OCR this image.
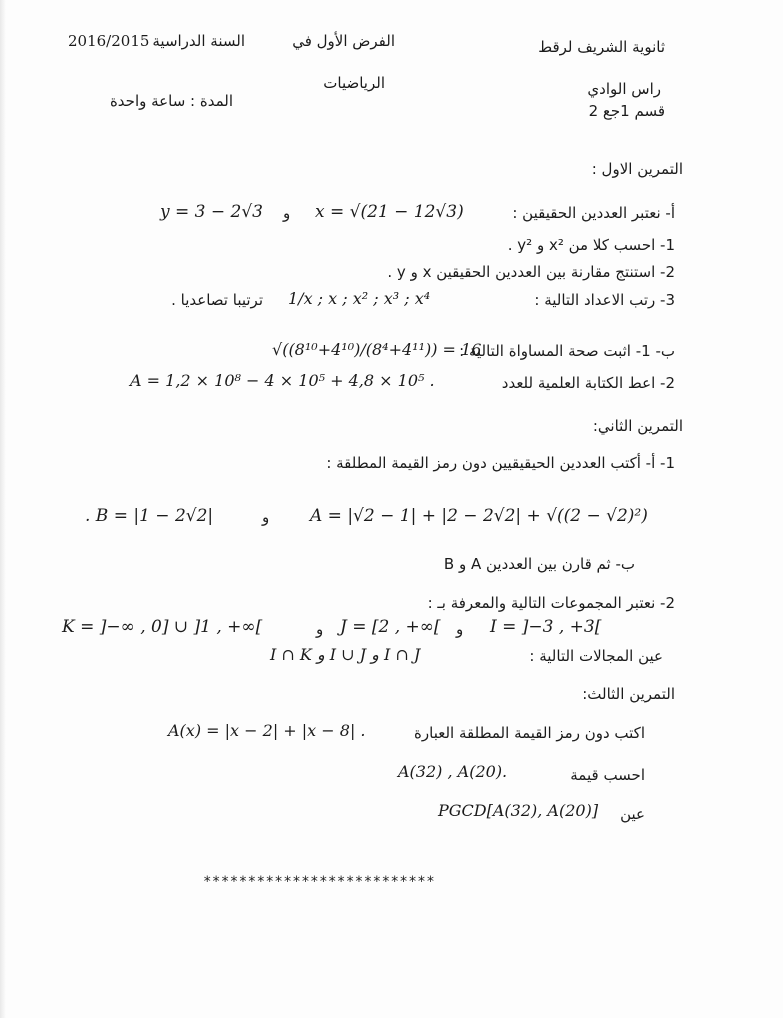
2016/2015 السنة الدراسية	الفرض الأول في
الرياضيات
ثانوية الشريف لرقط
راس الوادي
قسم 1جع 2
المدة : ساعة واحدة
التمرين الاول :
أ- نعتبر العددين الحقيقين :
x = √(21 − 12√3)
و
y = 3 − 2√3
1- احسب كلا من x² و y² .
2- استنتج مقارنة بين العددين الحقيقين x و y .
3- رتب الاعداد التالية :
1/x ; x ; x² ; x³ ; x⁴
ترتيبا تصاعديا .
ب- 1- اثبت صحة المساواة التالية :
√((8¹⁰+4¹⁰)/(8⁴+4¹¹)) = 16
2- اعط الكتابة العلمية للعدد
A = 1,2 × 10⁸ − 4 × 10⁵ + 4,8 × 10⁵ .
التمرين الثاني:
1- أ- أكتب العددين الحيقيقيين دون رمز القيمة المطلقة :
A = |√2 − 1| + |2 − 2√2| + √((2 − √2)²)
و
. B = |1 − 2√2|
ب- ثم قارن بين العددين A و B
2- نعتبر المجموعات التالية والمعرفة بـ :
K = ]−∞ , 0] ∪ ]1 , +∞[	و J = [2 , +∞[ و I = ]−3 , +3[
I ∩ K و I ∪ J و I ∩ J	عين المجالات التالية :
التمرين الثالث:
اكتب دون رمز القيمة المطلقة العبارة
A(x) = |x − 2| + |x − 8| .
احسب قيمة
A(32) , A(20).
عين
PGCD[A(32), A(20)]
**************************
